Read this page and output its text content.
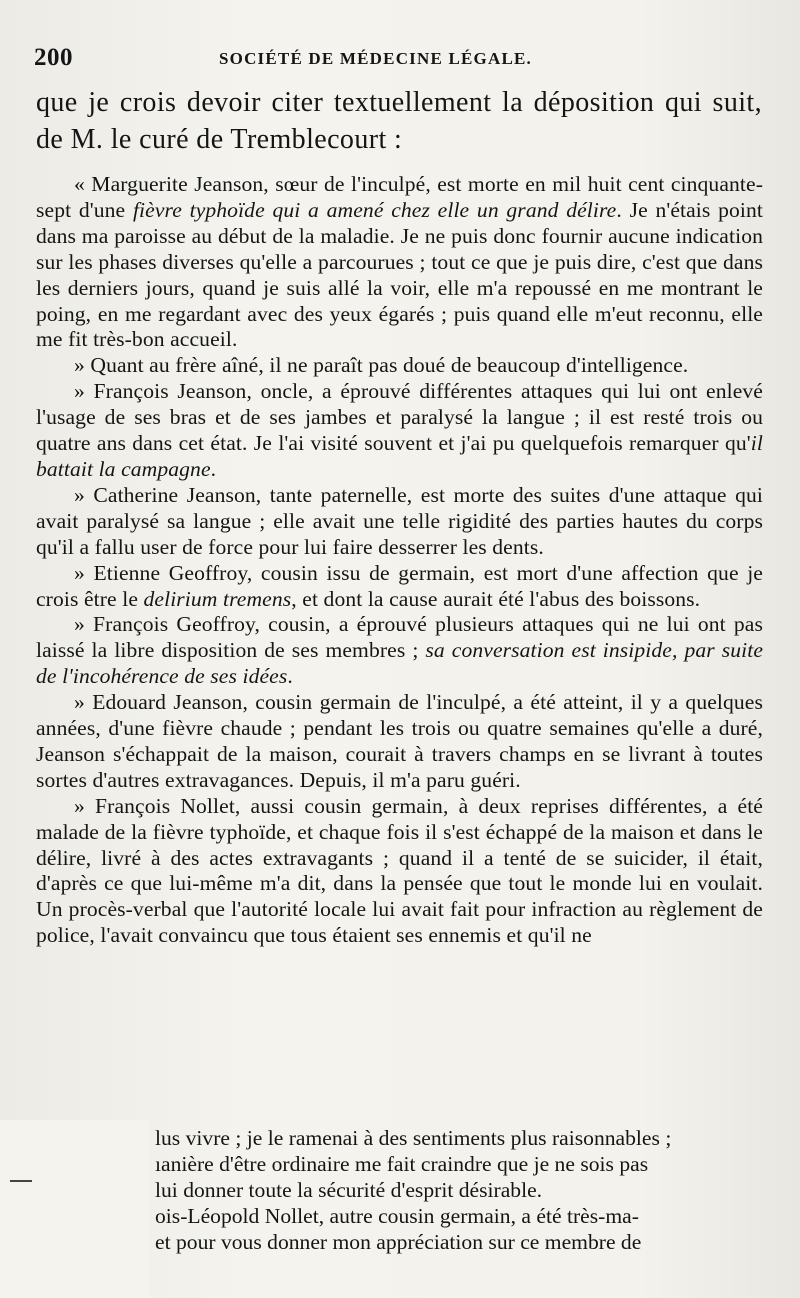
200	SOCIÉTÉ DE MÉDECINE LÉGALE.
que je crois devoir citer textuellement la déposition qui suit, de M. le curé de Tremblecourt :

« Marguerite Jeanson, sœur de l'inculpé, est morte en mil huit cent cinquante-sept d'une fièvre typhoïde qui a amené chez elle un grand délire. Je n'étais point dans ma paroisse au début de la maladie. Je ne puis donc fournir aucune indication sur les phases diverses qu'elle a parcourues ; tout ce que je puis dire, c'est que dans les derniers jours, quand je suis allé la voir, elle m'a repoussé en me montrant le poing, en me regardant avec des yeux égarés ; puis quand elle m'eut reconnu, elle me fit très-bon accueil.

» Quant au frère aîné, il ne paraît pas doué de beaucoup d'intelligence.

» François Jeanson, oncle, a éprouvé différentes attaques qui lui ont enlevé l'usage de ses bras et de ses jambes et paralysé la langue ; il est resté trois ou quatre ans dans cet état. Je l'ai visité souvent et j'ai pu quelquefois remarquer qu'il battait la campagne.

» Catherine Jeanson, tante paternelle, est morte des suites d'une attaque qui avait paralysé sa langue ; elle avait une telle rigidité des parties hautes du corps qu'il a fallu user de force pour lui faire desserrer les dents.

» Etienne Geoffroy, cousin issu de germain, est mort d'une affection que je crois être le delirium tremens, et dont la cause aurait été l'abus des boissons.

» François Geoffroy, cousin, a éprouvé plusieurs attaques qui ne lui ont pas laissé la libre disposition de ses membres ; sa conversation est insipide, par suite de l'incohérence de ses idées.

» Edouard Jeanson, cousin germain de l'inculpé, a été atteint, il y a quelques années, d'une fièvre chaude ; pendant les trois ou quatre semaines qu'elle a duré, Jeanson s'échappait de la maison, courait à travers champs en se livrant à toutes sortes d'autres extravagances. Depuis, il m'a paru guéri.

» François Nollet, aussi cousin germain, à deux reprises différentes, a été malade de la fièvre typhoïde, et chaque fois il s'est échappé de la maison et dans le délire, livré à des actes extravagants ; quand il a tenté de se suicider, il était, d'après ce que lui-même m'a dit, dans la pensée que tout le monde lui en voulait. Un procès-verbal que l'autorité locale lui avait fait pour infraction au règlement de police, l'avait convaincu que tous étaient ses ennemis et qu'il ne

lus vivre ; je le ramenai à des sentiments plus raisonnables ;
ıanière d'être ordinaire me fait craindre que je ne sois pas
lui donner toute la sécurité d'esprit désirable.
ois-Léopold Nollet, autre cousin germain, a été très-ma-
et pour vous donner mon appréciation sur ce membre de
